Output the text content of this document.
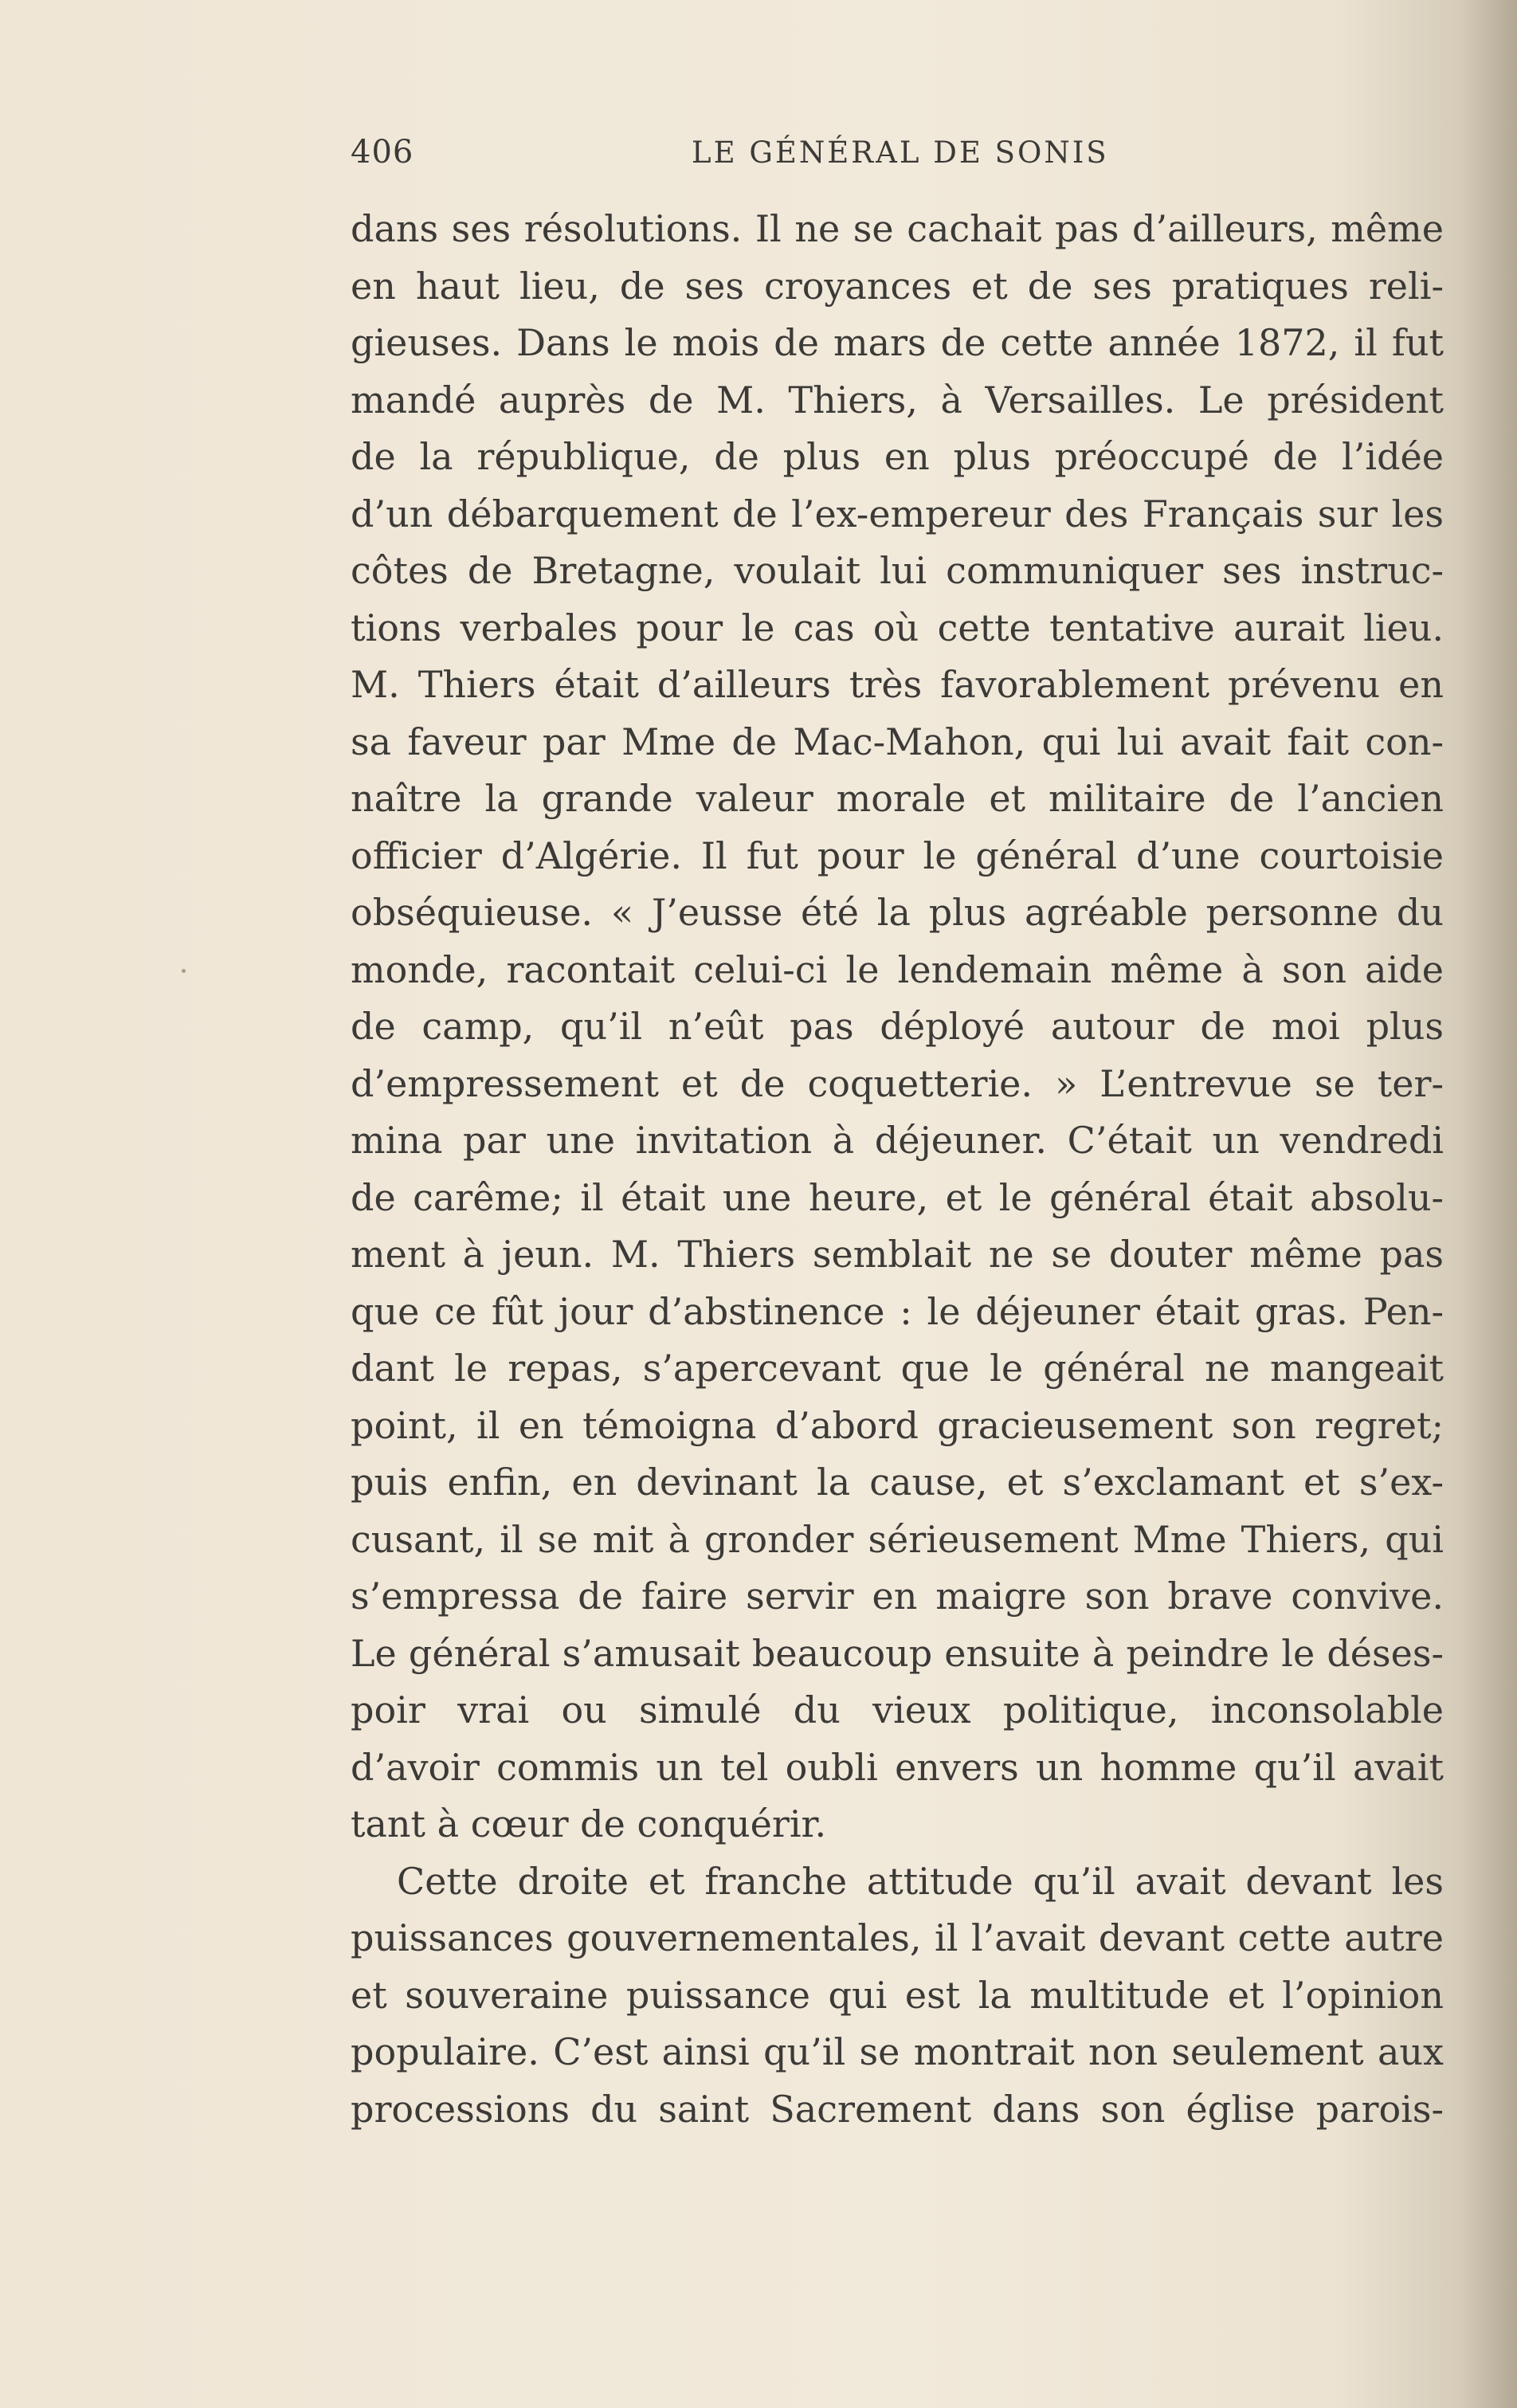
406	LE GÉNÉRAL DE SONIS
dans ses résolutions. Il ne se cachait pas d’ailleurs, même
en haut lieu, de ses croyances et de ses pratiques reli-
gieuses. Dans le mois de mars de cette année 1872, il fut
mandé auprès de M. Thiers, à Versailles. Le président
de la république, de plus en plus préoccupé de l’idée
d’un débarquement de l’ex-empereur des Français sur les
côtes de Bretagne, voulait lui communiquer ses instruc-
tions verbales pour le cas où cette tentative aurait lieu.
M. Thiers était d’ailleurs très favorablement prévenu en
sa faveur par Mme de Mac-Mahon, qui lui avait fait con-
naître la grande valeur morale et militaire de l’ancien
officier d’Algérie. Il fut pour le général d’une courtoisie
obséquieuse. « J’eusse été la plus agréable personne du
monde, racontait celui-ci le lendemain même à son aide
de camp, qu’il n’eût pas déployé autour de moi plus
d’empressement et de coquetterie. » L’entrevue se ter-
mina par une invitation à déjeuner. C’était un vendredi
de carême; il était une heure, et le général était absolu-
ment à jeun. M. Thiers semblait ne se douter même pas
que ce fût jour d’abstinence : le déjeuner était gras. Pen-
dant le repas, s’apercevant que le général ne mangeait
point, il en témoigna d’abord gracieusement son regret;
puis enfin, en devinant la cause, et s’exclamant et s’ex-
cusant, il se mit à gronder sérieusement Mme Thiers, qui
s’empressa de faire servir en maigre son brave convive.
Le général s’amusait beaucoup ensuite à peindre le déses-
poir vrai ou simulé du vieux politique, inconsolable
d’avoir commis un tel oubli envers un homme qu’il avait
tant à cœur de conquérir.
Cette droite et franche attitude qu’il avait devant les
puissances gouvernementales, il l’avait devant cette autre
et souveraine puissance qui est la multitude et l’opinion
populaire. C’est ainsi qu’il se montrait non seulement aux
processions du saint Sacrement dans son église parois-
